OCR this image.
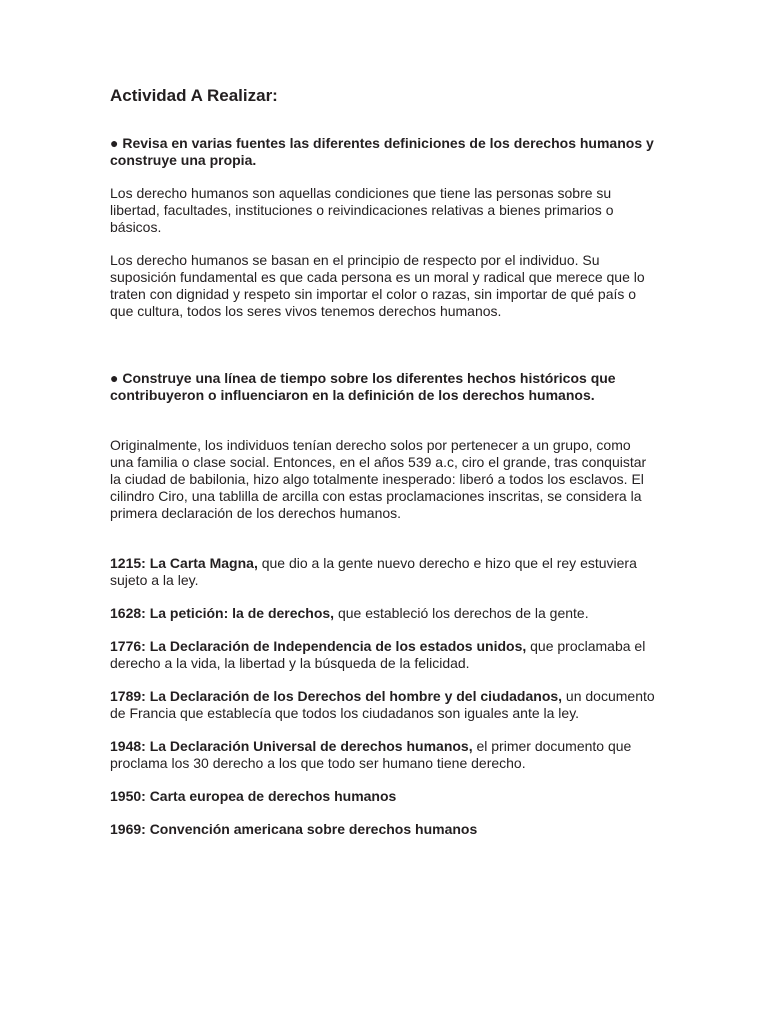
Actividad A Realizar:

● Revisa en varias fuentes las diferentes definiciones de los derechos humanos y construye una propia.

Los derecho humanos son aquellas condiciones que tiene las personas sobre su libertad, facultades, instituciones o reivindicaciones relativas a bienes primarios o básicos.

Los derecho humanos se basan en el principio de respecto por el individuo. Su suposición fundamental es que cada persona es un moral y radical que merece que lo traten con dignidad y respeto sin importar el color o razas, sin importar de qué país o que cultura, todos los seres vivos tenemos derechos humanos.

● Construye una línea de tiempo sobre los diferentes hechos históricos que contribuyeron o influenciaron en la definición de los derechos humanos.

Originalmente, los individuos tenían derecho solos por pertenecer a un grupo, como una familia o clase social. Entonces, en el años 539 a.c, ciro el grande, tras conquistar la ciudad de babilonia, hizo algo totalmente inesperado: liberó a todos los esclavos. El cilindro Ciro, una tablilla de arcilla con estas proclamaciones inscritas, se considera la primera declaración de los derechos humanos.

1215: La Carta Magna, que dio a la gente nuevo derecho e hizo que el rey estuviera sujeto a la ley.

1628: La petición: la de derechos, que estableció los derechos de la gente.

1776: La Declaración de Independencia de los estados unidos, que proclamaba el derecho a la vida, la libertad y la búsqueda de la felicidad.

1789: La Declaración de los Derechos del hombre y del ciudadanos, un documento de Francia que establecía que todos los ciudadanos son iguales ante la ley.

1948: La Declaración Universal de derechos humanos, el primer documento que proclama los 30 derecho a los que todo ser humano tiene derecho.

1950: Carta europea de derechos humanos

1969: Convención americana sobre derechos humanos
